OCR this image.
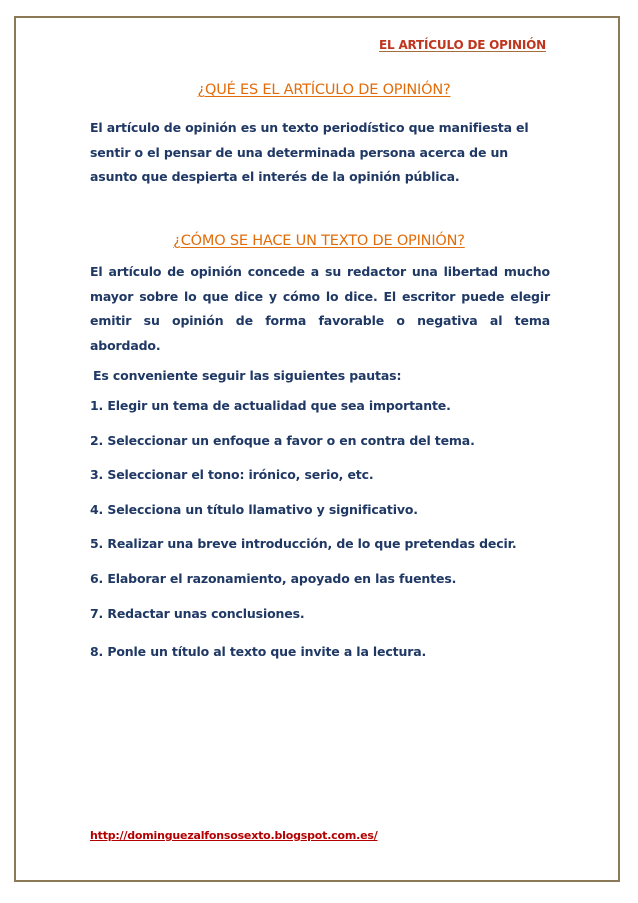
EL ARTÍCULO DE OPINIÓN
¿QUÉ ES EL ARTÍCULO DE OPINIÓN?
El artículo de opinión es un texto periodístico que manifiesta el sentir o el pensar de una determinada persona acerca de un asunto que despierta el interés de la opinión pública.
¿CÓMO SE HACE UN TEXTO DE OPINIÓN?
El artículo de opinión concede a su redactor una libertad mucho mayor sobre lo que dice y cómo lo dice. El escritor puede elegir emitir su opinión de forma favorable o negativa al tema abordado.
Es conveniente seguir las siguientes pautas:
1. Elegir un tema de actualidad que sea importante.
2. Seleccionar un enfoque a favor o en contra del tema.
3. Seleccionar el tono: irónico, serio, etc.
4. Selecciona un título llamativo y significativo.
5. Realizar una breve introducción, de lo que pretendas decir.
6. Elaborar el razonamiento, apoyado en las fuentes.
7. Redactar unas conclusiones.
8. Ponle un título al texto que invite a la lectura.
http://dominguezalfonsosexto.blogspot.com.es/
